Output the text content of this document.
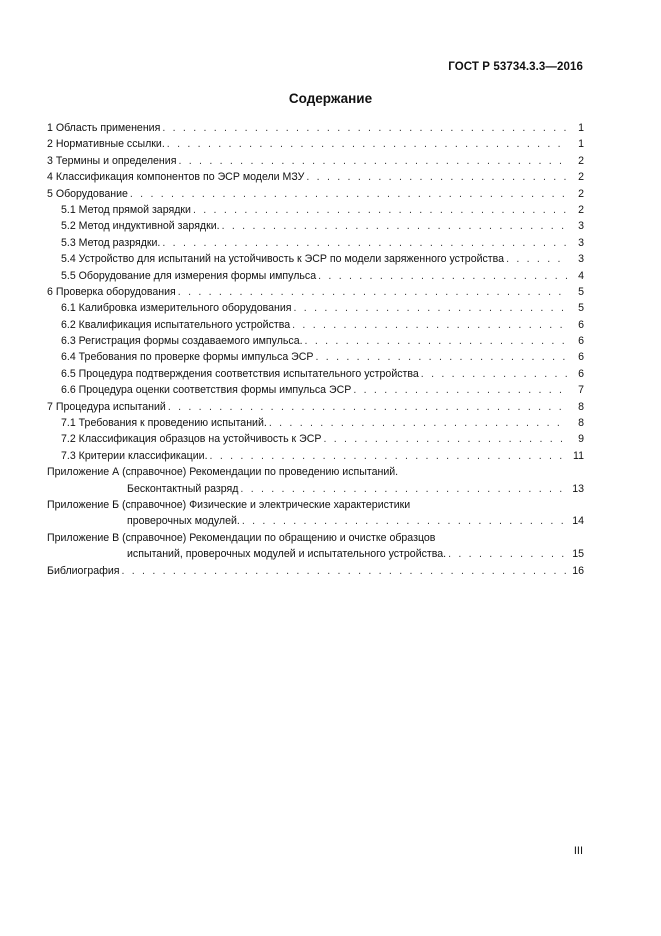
ГОСТ Р 53734.3.3—2016
Содержание
1 Область применения . . .	1
2 Нормативные ссылки. . . .	1
3 Термины и определения . . .	2
4 Классификация компонентов по ЭСР модели МЗУ . . .	2
5 Оборудование . . .	2
5.1 Метод прямой зарядки . . .	2
5.2 Метод индуктивной зарядки. . . .	3
5.3 Метод разрядки. . . .	3
5.4 Устройство для испытаний на устойчивость к ЭСР по модели заряженного устройства . . .	3
5.5 Оборудование для измерения формы импульса . . .	4
6 Проверка оборудования . . .	5
6.1 Калибровка измерительного оборудования . . .	5
6.2 Квалификация испытательного устройства . . .	6
6.3 Регистрация формы создаваемого импульса. . . .	6
6.4 Требования по проверке формы импульса ЭСР . . .	6
6.5 Процедура подтверждения соответствия испытательного устройства . . .	6
6.6 Процедура оценки соответствия формы импульса ЭСР . . .	7
7 Процедура испытаний . . .	8
7.1 Требования к проведению испытаний. . . .	8
7.2 Классификация образцов на устойчивость к ЭСР . . .	9
7.3 Критерии классификации. . . .	11
Приложение А (справочное) Рекомендации по проведению испытаний.
Бесконтактный разряд . . .	13
Приложение Б (справочное) Физические и электрические характеристики
проверочных модулей. . . .	14
Приложение В (справочное) Рекомендации по обращению и очистке образцов
испытаний, проверочных модулей и испытательного устройства. . . .	15
Библиография . . .	16
III
